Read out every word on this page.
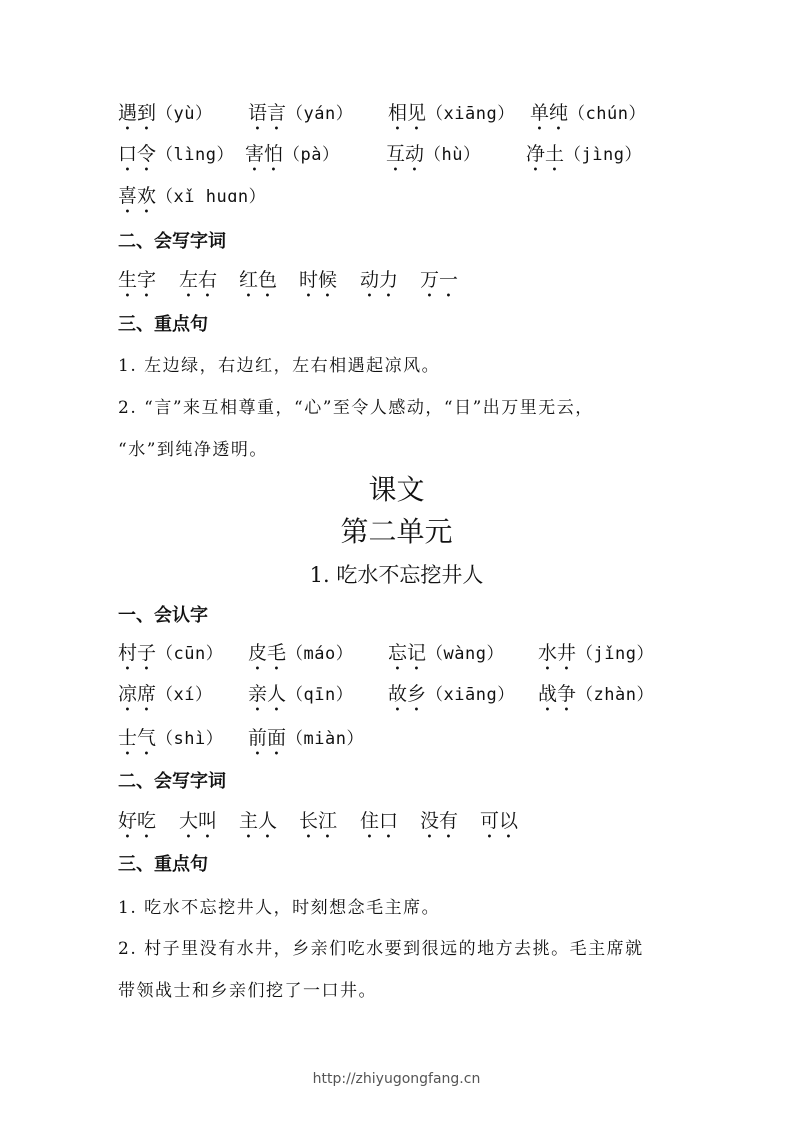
遇到（yù） 语言（yán） 相见（xiāng） 单纯（chún）
口令（lìng） 害怕（pà） 互动（hù） 净土（jìng）
喜欢（xǐ huɑn）
二、会写字词
生字 左右 红色 时候 动力 万一
三、重点句
1. 左边绿，右边红，左右相遇起凉风。
2. “言”来互相尊重，“心”至令人感动，“日”出万里无云，
“水”到纯净透明。
课文
第二单元
1. 吃水不忘挖井人
一、会认字
村子（cūn） 皮毛（máo） 忘记（wàng） 水井（jǐng）
凉席（xí） 亲人（qīn） 故乡（xiāng） 战争（zhàn）
士气（shì） 前面（miàn）
二、会写字词
好吃 大叫 主人 长江 住口 没有 可以
三、重点句
1. 吃水不忘挖井人，时刻想念毛主席。
2. 村子里没有水井，乡亲们吃水要到很远的地方去挑。毛主席就
带领战士和乡亲们挖了一口井。
http://zhiyugongfang.cn
